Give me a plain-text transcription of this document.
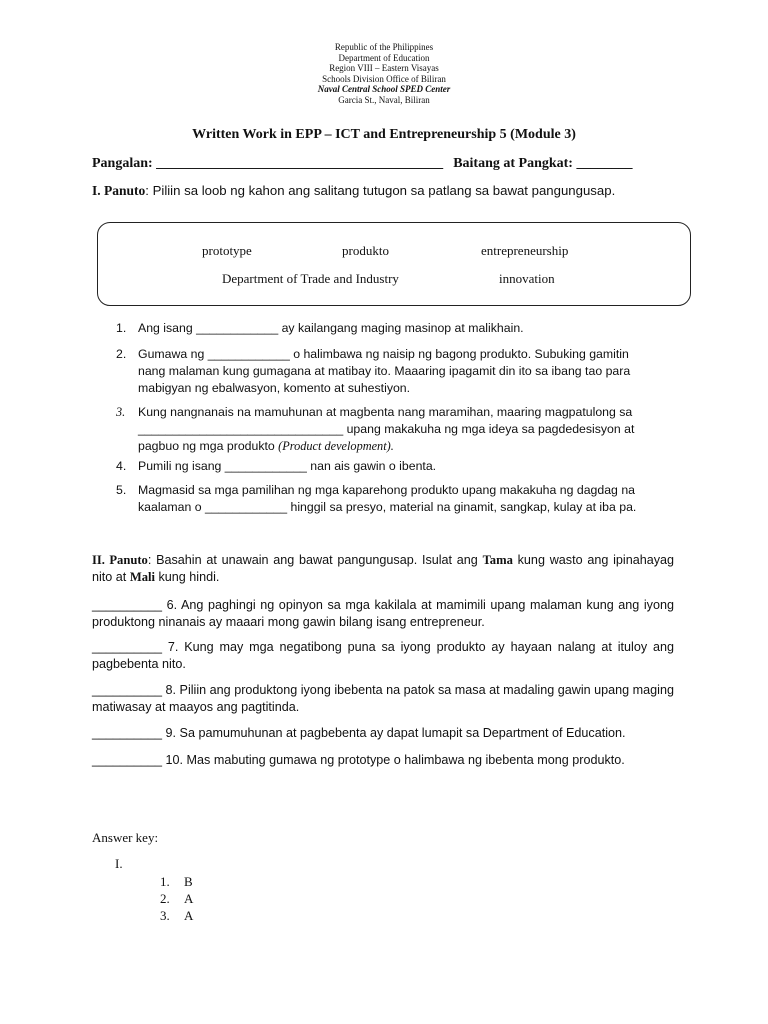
Republic of the Philippines
Department of Education
Region VIII – Eastern Visayas
Schools Division Office of Biliran
Naval Central School SPED Center
Garcia St., Naval, Biliran
Written Work in EPP – ICT and Entrepreneurship 5 (Module 3)
Pangalan: _________________________________________ Baitang at Pangkat: ________
I. Panuto: Piliin sa loob ng kahon ang salitang tutugon sa patlang sa bawat pangungusap.
prototype	produkto	entrepreneurship
Department of Trade and Industry	innovation
1. Ang isang ____________ ay kailangang maging masinop at malikhain.
2. Gumawa ng ____________ o halimbawa ng naisip ng bagong produkto. Subuking gamitin nang malaman kung gumagana at matibay ito. Maaaring ipagamit din ito sa ibang tao para mabigyan ng ebalwasyon, komento at suhestiyon.
3.	Kung nangnanais na mamuhunan at magbenta nang maramihan, maaring magpatulong sa ______________________________ upang makakuha ng mga ideya sa pagdedesisyon at pagbuo ng mga produkto (Product development).
4. Pumili ng isang ____________ nan ais gawin o ibenta.
5. Magmasid sa mga pamilihan ng mga kaparehong produkto upang makakuha ng dagdag na kaalaman o ____________ hinggil sa presyo, material na ginamit, sangkap, kulay at iba pa.
II. Panuto: Basahin at unawain ang bawat pangungusap. Isulat ang Tama kung wasto ang ipinahayag nito at Mali kung hindi.
__________ 6. Ang paghingi ng opinyon sa mga kakilala at mamimili upang malaman kung ang iyong produktong ninanais ay maaari mong gawin bilang isang entrepreneur.
__________ 7. Kung may mga negatibong puna sa iyong produkto ay hayaan nalang at ituloy ang pagbebenta nito.
__________ 8. Piliin ang produktong iyong ibebenta na patok sa masa at madaling gawin upang maging matiwasay at maayos ang pagtitinda.
__________ 9. Sa pamumuhunan at pagbebenta ay dapat lumapit sa Department of Education.
__________ 10. Mas mabuting gumawa ng prototype o halimbawa ng ibebenta mong produkto.
Answer key:
I.
1. B
2. A
3. A
